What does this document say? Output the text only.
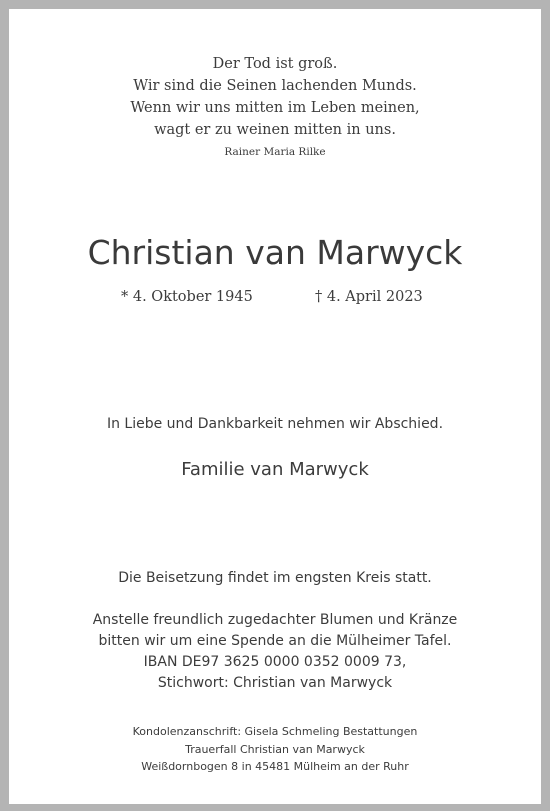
Der Tod ist groß.
Wir sind die Seinen lachenden Munds.
Wenn wir uns mitten im Leben meinen,
wagt er zu weinen mitten in uns.
Rainer Maria Rilke
Christian van Marwyck
* 4. Oktober 1945	† 4. April 2023
In Liebe und Dankbarkeit nehmen wir Abschied.
Familie van Marwyck
Die Beisetzung findet im engsten Kreis statt.
Anstelle freundlich zugedachter Blumen und Kränze
bitten wir um eine Spende an die Mülheimer Tafel.
IBAN DE97 3625 0000 0352 0009 73,
Stichwort: Christian van Marwyck
Kondolenzanschrift: Gisela Schmeling Bestattungen
Trauerfall Christian van Marwyck
Weißdornbogen 8 in 45481 Mülheim an der Ruhr
